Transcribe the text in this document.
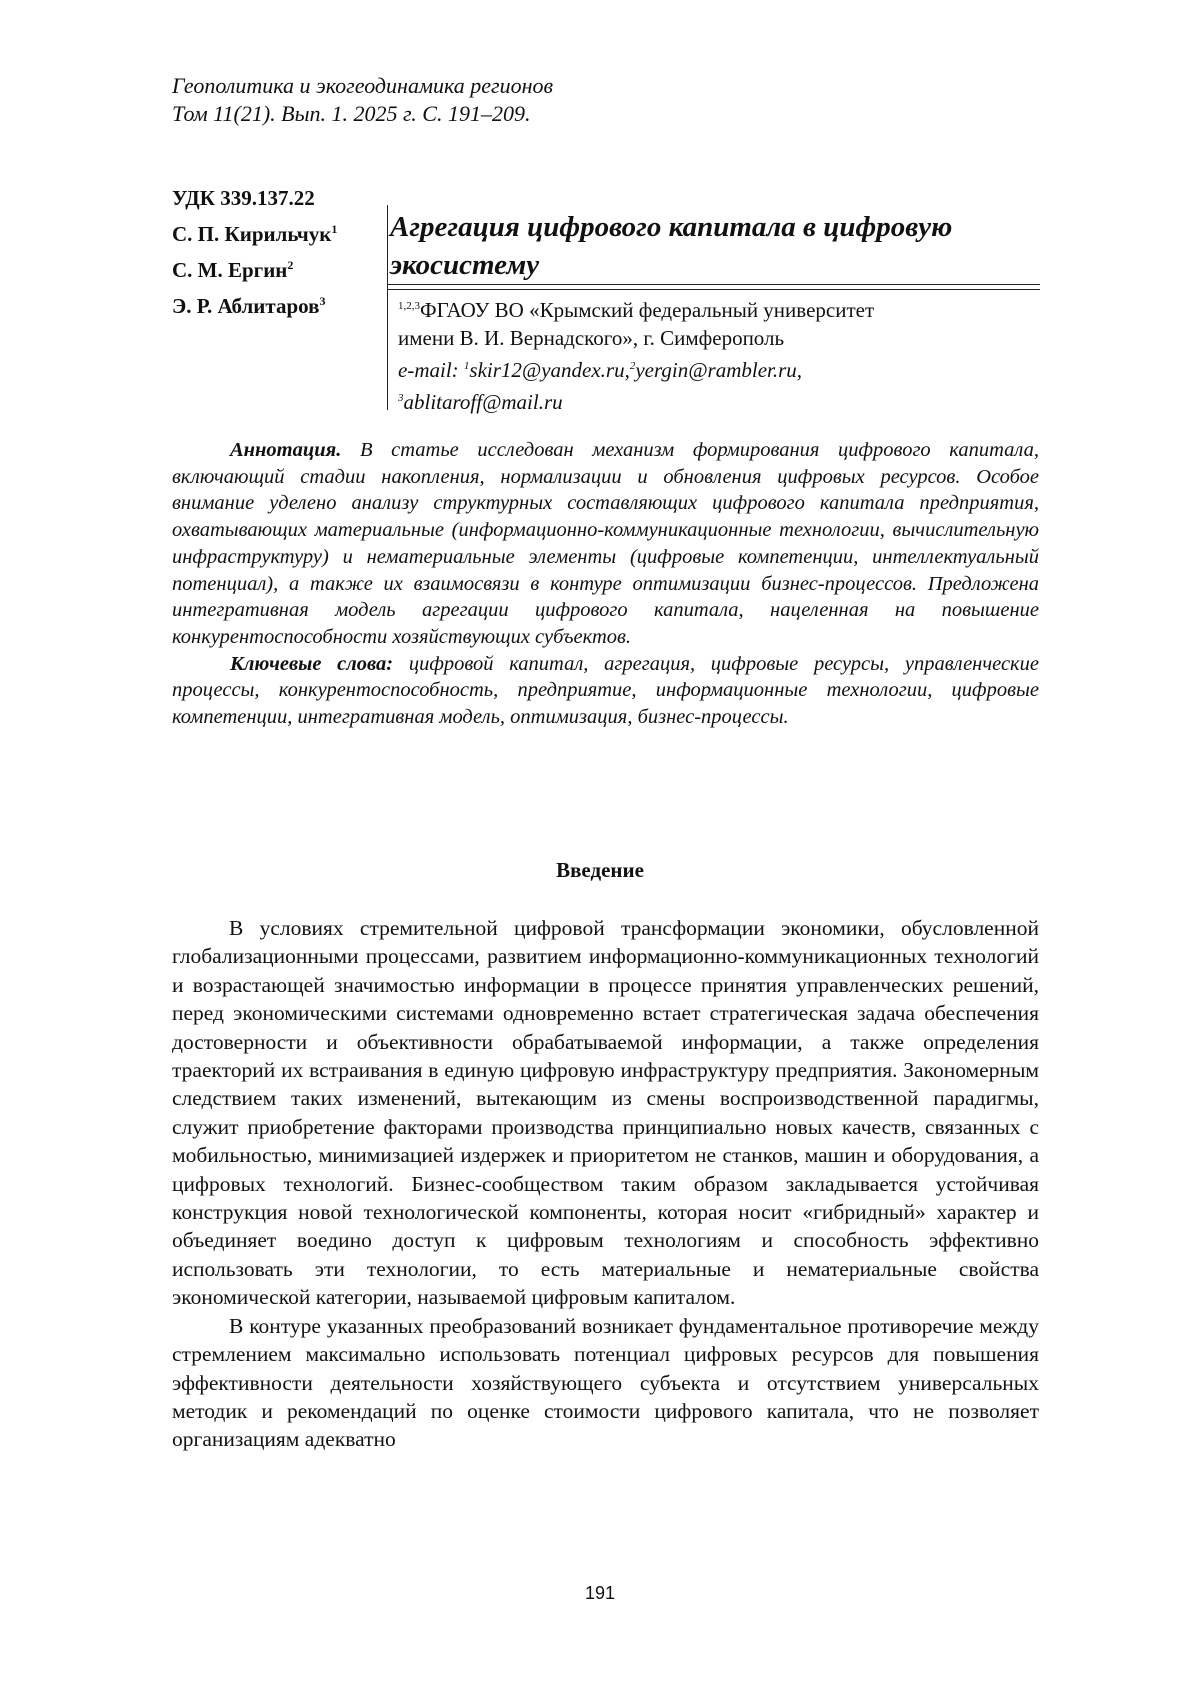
Геополитика и экогеодинамика регионов
Том 11(21). Вып. 1. 2025 г. С. 191–209.
УДК 339.137.22
С. П. Кирильчук$^1$
С. М. Ергин$^2$
Э. Р. Аблитаров$^3$
Агрегация цифрового капитала в цифровую
экосистему
$^{1,2,3}$ФГАОУ ВО «Крымский федеральный университет
имени В. И. Вернадского», г. Симферополь
e-mail: $^1$skir12@yandex.ru,$^2$yergin@rambler.ru,
$^3$ablitaroff@mail.ru

Аннотация. В статье исследован механизм формирования цифрового капитала, включающий стадии накопления, нормализации и обновления цифровых ресурсов. Особое внимание уделено анализу структурных составляющих цифрового капитала предприятия, охватывающих материальные (информационно-коммуникационные технологии, вычислительную инфраструктуру) и нематериальные элементы (цифровые компетенции, интеллектуальный потенциал), а также их взаимосвязи в контуре оптимизации бизнес-процессов. Предложена интегративная модель агрегации цифрового капитала, нацеленная на повышение конкурентоспособности хозяйствующих субъектов.

Ключевые слова: цифровой капитал, агрегация, цифровые ресурсы, управленческие процессы, конкурентоспособность, предприятие, информационные технологии, цифровые компетенции, интегративная модель, оптимизация, бизнес-процессы.

Введение

В условиях стремительной цифровой трансформации экономики, обусловленной глобализационными процессами, развитием информационно-коммуникационных технологий и возрастающей значимостью информации в процессе принятия управленческих решений, перед экономическими системами одновременно встает стратегическая задача обеспечения достоверности и объективности обрабатываемой информации, а также определения траекторий их встраивания в единую цифровую инфраструктуру предприятия. Закономерным следствием таких изменений, вытекающим из смены воспроизводственной парадигмы, служит приобретение факторами производства принципиально новых качеств, связанных с мобильностью, минимизацией издержек и приоритетом не станков, машин и оборудования, а цифровых технологий. Бизнес-сообществом таким образом закладывается устойчивая конструкция новой технологической компоненты, которая носит «гибридный» характер и объединяет воедино доступ к цифровым технологиям и способность эффективно использовать эти технологии, то есть материальные и нематериальные свойства экономической категории, называемой цифровым капиталом.

В контуре указанных преобразований возникает фундаментальное противоречие между стремлением максимально использовать потенциал цифровых ресурсов для повышения эффективности деятельности хозяйствующего субъекта и отсутствием универсальных методик и рекомендаций по оценке стоимости цифрового капитала, что не позволяет организациям адекватно

191
